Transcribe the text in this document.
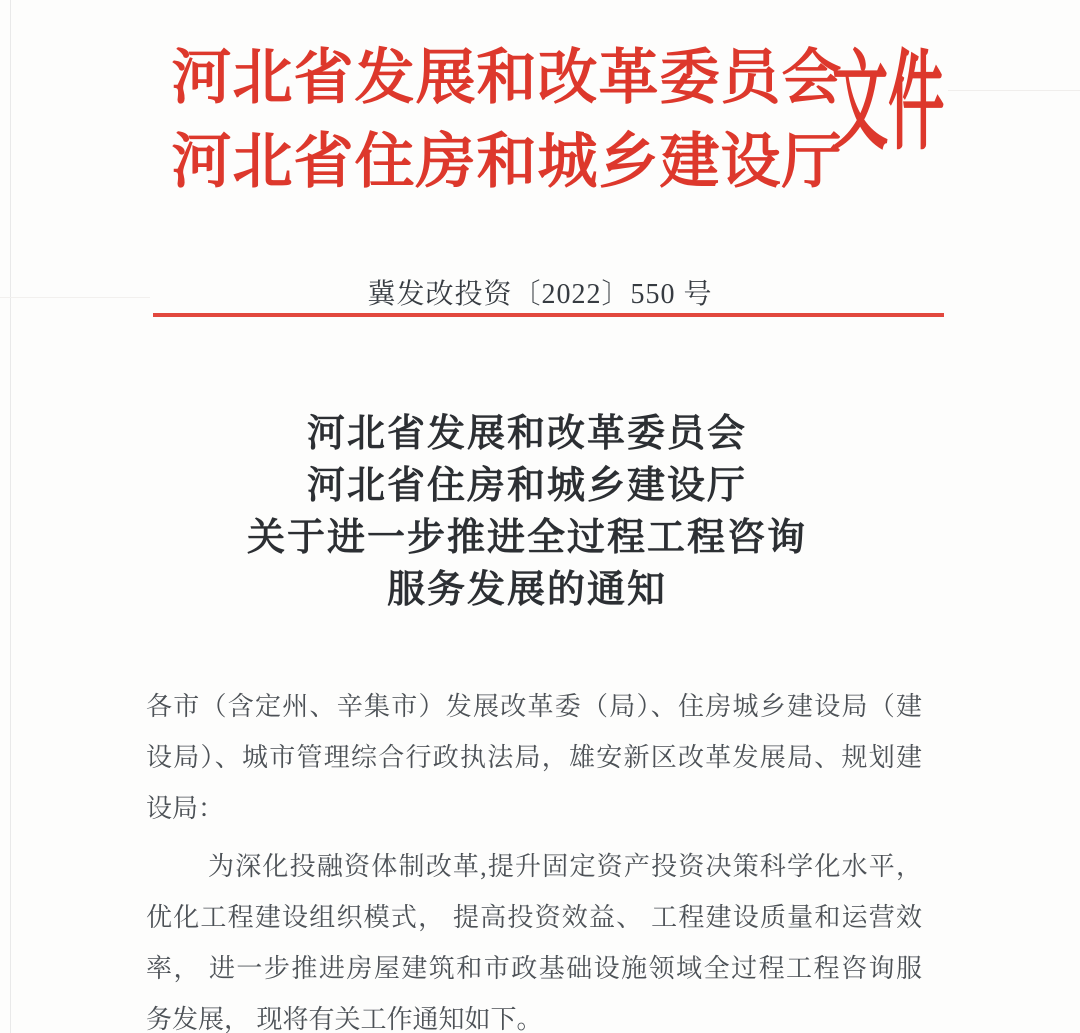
河北省发展和改革委员会
河北省住房和城乡建设厅
文件
冀发改投资〔2022〕550 号
河北省发展和改革委员会
河北省住房和城乡建设厅
关于进一步推进全过程工程咨询
服务发展的通知
各市（含定州、辛集市）发展改革委（局）、住房城乡建设局（建
设局）、城市管理综合行政执法局，雄安新区改革发展局、规划建
设局：
为深化投融资体制改革,提升固定资产投资决策科学化水平，
优化工程建设组织模式， 提高投资效益、 工程建设质量和运营效
率， 进一步推进房屋建筑和市政基础设施领域全过程工程咨询服
务发展， 现将有关工作通知如下。
